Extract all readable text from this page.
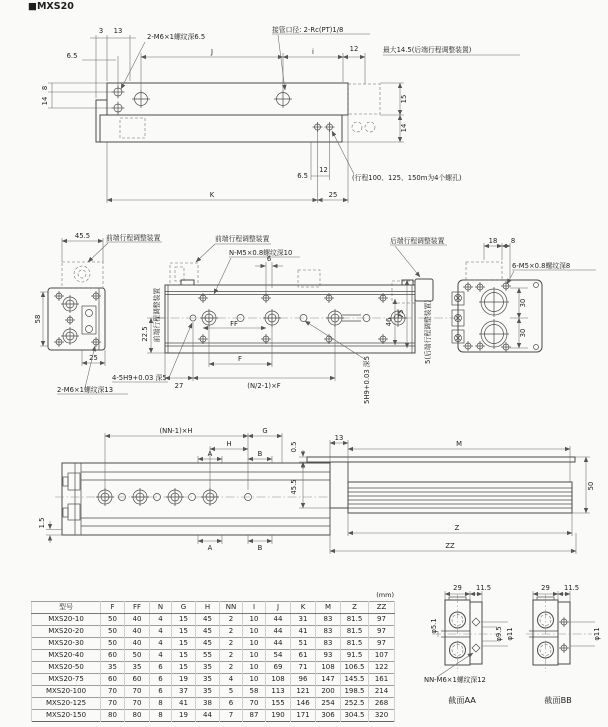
■MXS20
3 13
6.5
2-M6×1螺纹深6.5
J	i	12
接管口径: 2-Rc(PT)1/8
最大14.5(后端行程调整装置)
8
14	15
14
6.5
12
K	25
(行程100、125、150m为4个螺孔)
45.5 前端行程调整装置
58
25
2-M6×1螺纹深13
4-5H9+0.03 深5
前端行程调整装置
N-M5×0.8螺纹深10
6
FF
F
27	(N/2-1)×F	5H9+0.03 深5
46
75
后端行程调整装置
5(后端行程调整装置)
22.5 前端行程调整装置
18 8
6-M5×0.8螺纹深8
30
30
(NN-1)×H	G
H
A	B
A	B
1.5
0.5
45.5
13
M
50
Z
ZZ
29 11.5
φ5.1
φ9.5 φ11
NN-M6×1螺纹深12
截面AA
29 11.5
φ11
截面BB
(mm)
型号	F	FF	N	G	H	NN	I	J	K	M	Z	ZZ
MXS20-10	50	40	4	15	45	2	10	44	31	83	81.5	97
MXS20-20	50	40	4	15	45	2	10	44	41	83	81.5	97
MXS20-30	50	40	4	15	45	2	10	44	51	83	81.5	97
MXS20-40	60	50	4	15	55	2	10	54	61	93	91.5	107
MXS20-50	35	35	6	15	35	2	10	69	71	108	106.5	122
MXS20-75	60	60	6	19	35	4	10	108	96	147	145.5	161
MXS20-100	70	70	6	37	35	5	58	113	121	200	198.5	214
MXS20-125	70	70	8	41	38	6	70	155	146	254	252.5	268
MXS20-150	80	80	8	19	44	7	87	190	171	306	304.5	320
